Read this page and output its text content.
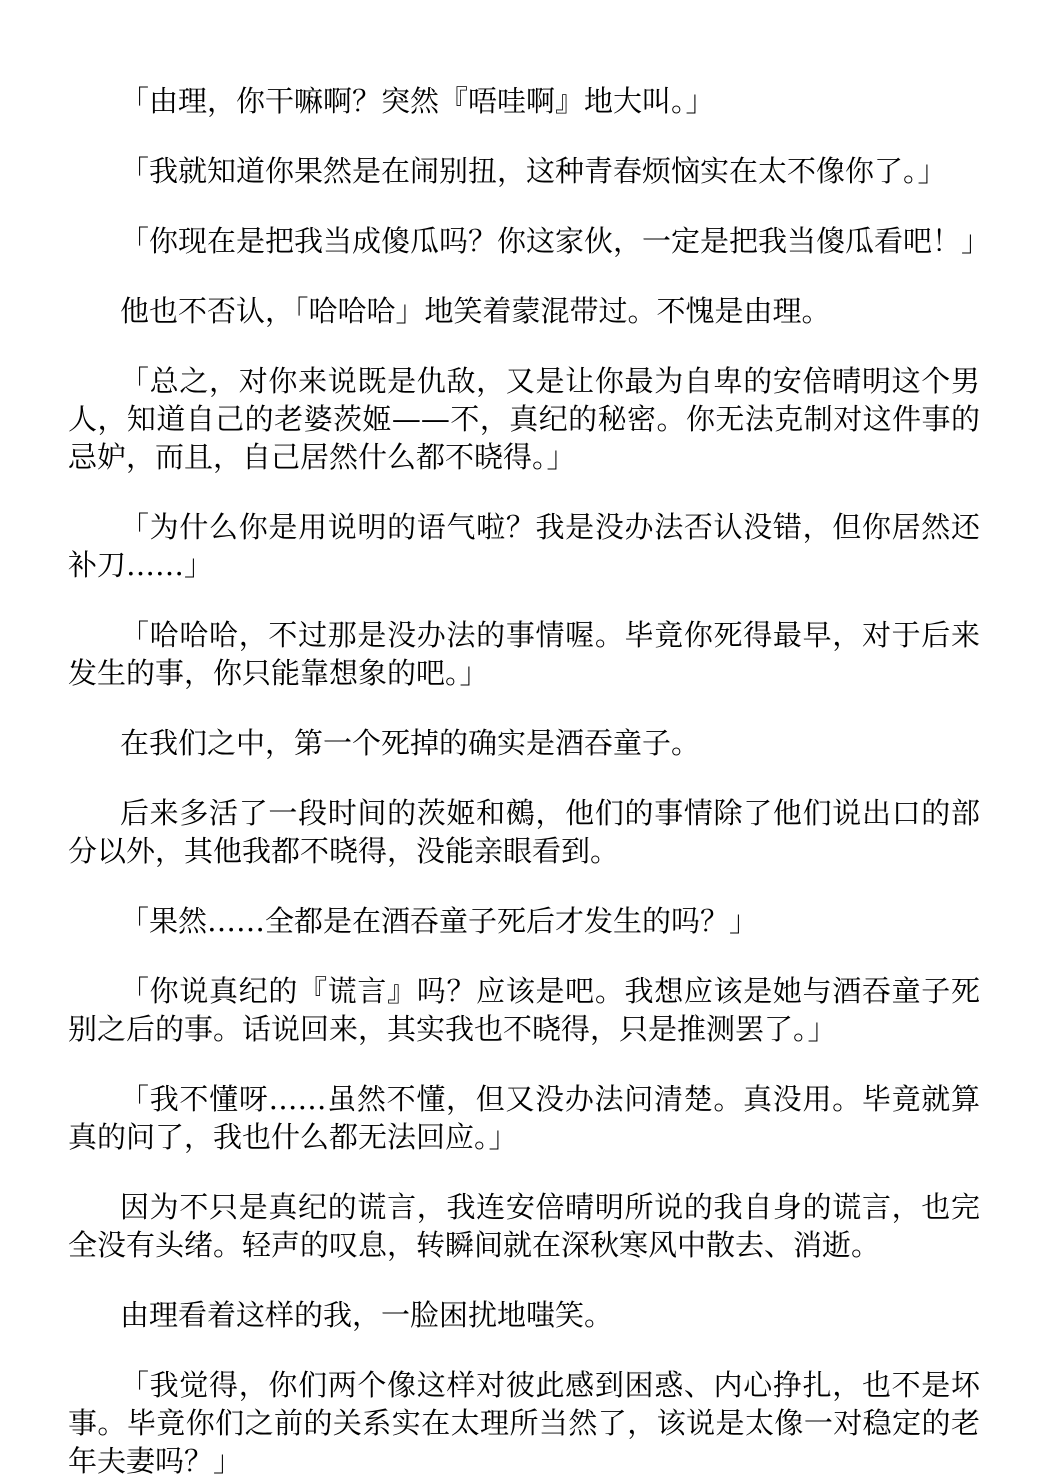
「由理，你干嘛啊？突然『唔哇啊』地大叫。」

「我就知道你果然是在闹别扭，这种青春烦恼实在太不像你了。」

「你现在是把我当成傻瓜吗？你这家伙，一定是把我当傻瓜看吧！」

他也不否认，「哈哈哈」地笑着蒙混带过。不愧是由理。

「总之，对你来说既是仇敌，又是让你最为自卑的安倍晴明这个男人，知道自己的老婆茨姬——不，真纪的秘密。你无法克制对这件事的忌妒，而且，自己居然什么都不晓得。」

「为什么你是用说明的语气啦？我是没办法否认没错，但你居然还补刀……」

「哈哈哈，不过那是没办法的事情喔。毕竟你死得最早，对于后来发生的事，你只能靠想象的吧。」

在我们之中，第一个死掉的确实是酒吞童子。

后来多活了一段时间的茨姬和鵺，他们的事情除了他们说出口的部分以外，其他我都不晓得，没能亲眼看到。

「果然……全都是在酒吞童子死后才发生的吗？」

「你说真纪的『谎言』吗？应该是吧。我想应该是她与酒吞童子死别之后的事。话说回来，其实我也不晓得，只是推测罢了。」

「我不懂呀……虽然不懂，但又没办法问清楚。真没用。毕竟就算真的问了，我也什么都无法回应。」

因为不只是真纪的谎言，我连安倍晴明所说的我自身的谎言，也完全没有头绪。轻声的叹息，转瞬间就在深秋寒风中散去、消逝。

由理看着这样的我，一脸困扰地嗤笑。

「我觉得，你们两个像这样对彼此感到困惑、内心挣扎，也不是坏事。毕竟你们之前的关系实在太理所当然了，该说是太像一对稳定的老年夫妻吗？」
